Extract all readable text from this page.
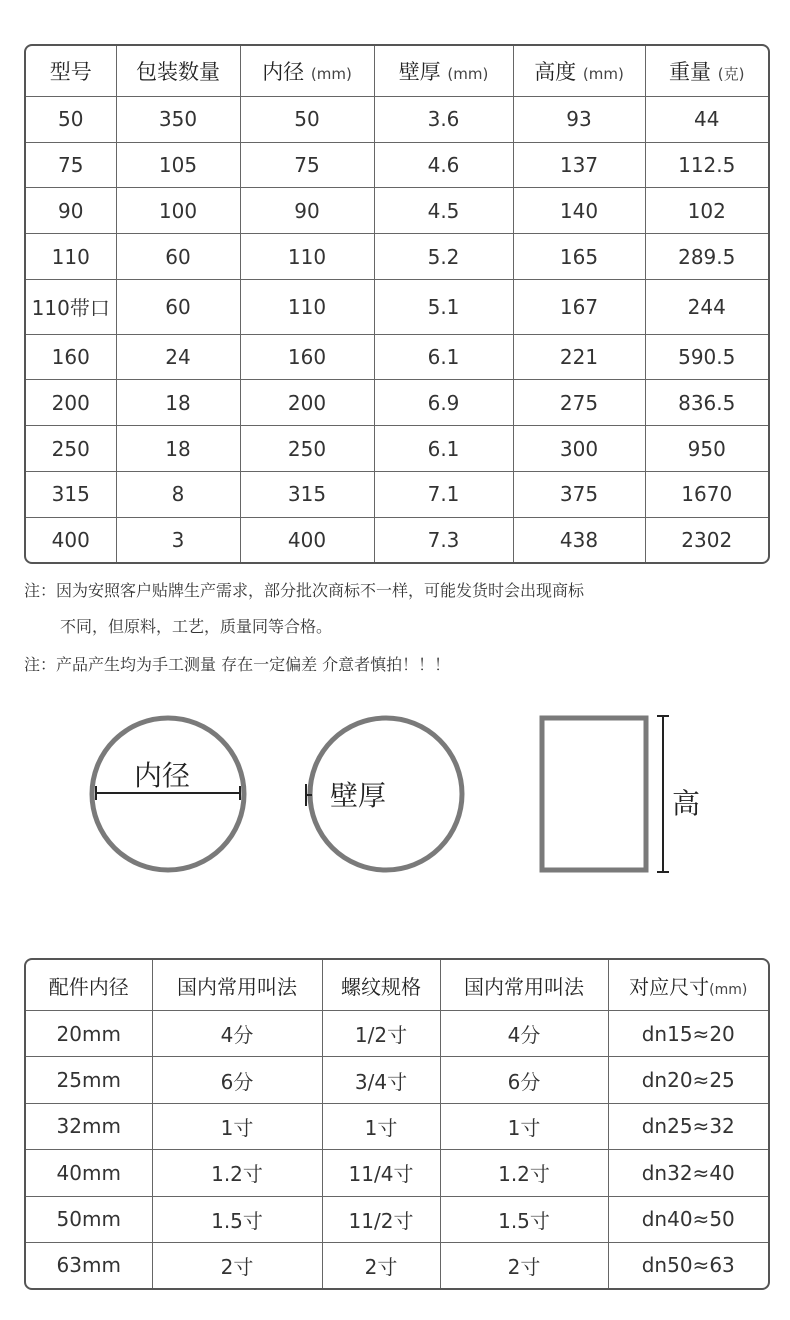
型号	包装数量	内径 (mm)	壁厚 (mm)	高度 (mm)	重量 (克)
50	350	50	3.6	93	44
75	105	75	4.6	137	112.5
90	100	90	4.5	140	102
110	60	110	5.2	165	289.5
110带口	60	110	5.1	167	244
160	24	160	6.1	221	590.5
200	18	200	6.9	275	836.5
250	18	250	6.1	300	950
315	8	315	7.1	375	1670
400	3	400	7.3	438	2302
注：因为安照客户贴牌生产需求，部分批次商标不一样，可能发货时会出现商标
不同，但原料，工艺，质量同等合格。
注：产品产生均为手工测量 存在一定偏差 介意者慎拍！！！
内径
壁厚	高
配件内径	国内常用叫法	螺纹规格	国内常用叫法	对应尺寸(mm)
20mm	4分	1/2寸	4分	dn15≈20
25mm	6分	3/4寸	6分	dn20≈25
32mm	1寸	1寸	1寸	dn25≈32
40mm	1.2寸	11/4寸	1.2寸	dn32≈40
50mm	1.5寸	11/2寸	1.5寸	dn40≈50
63mm	2寸	2寸	2寸	dn50≈63
